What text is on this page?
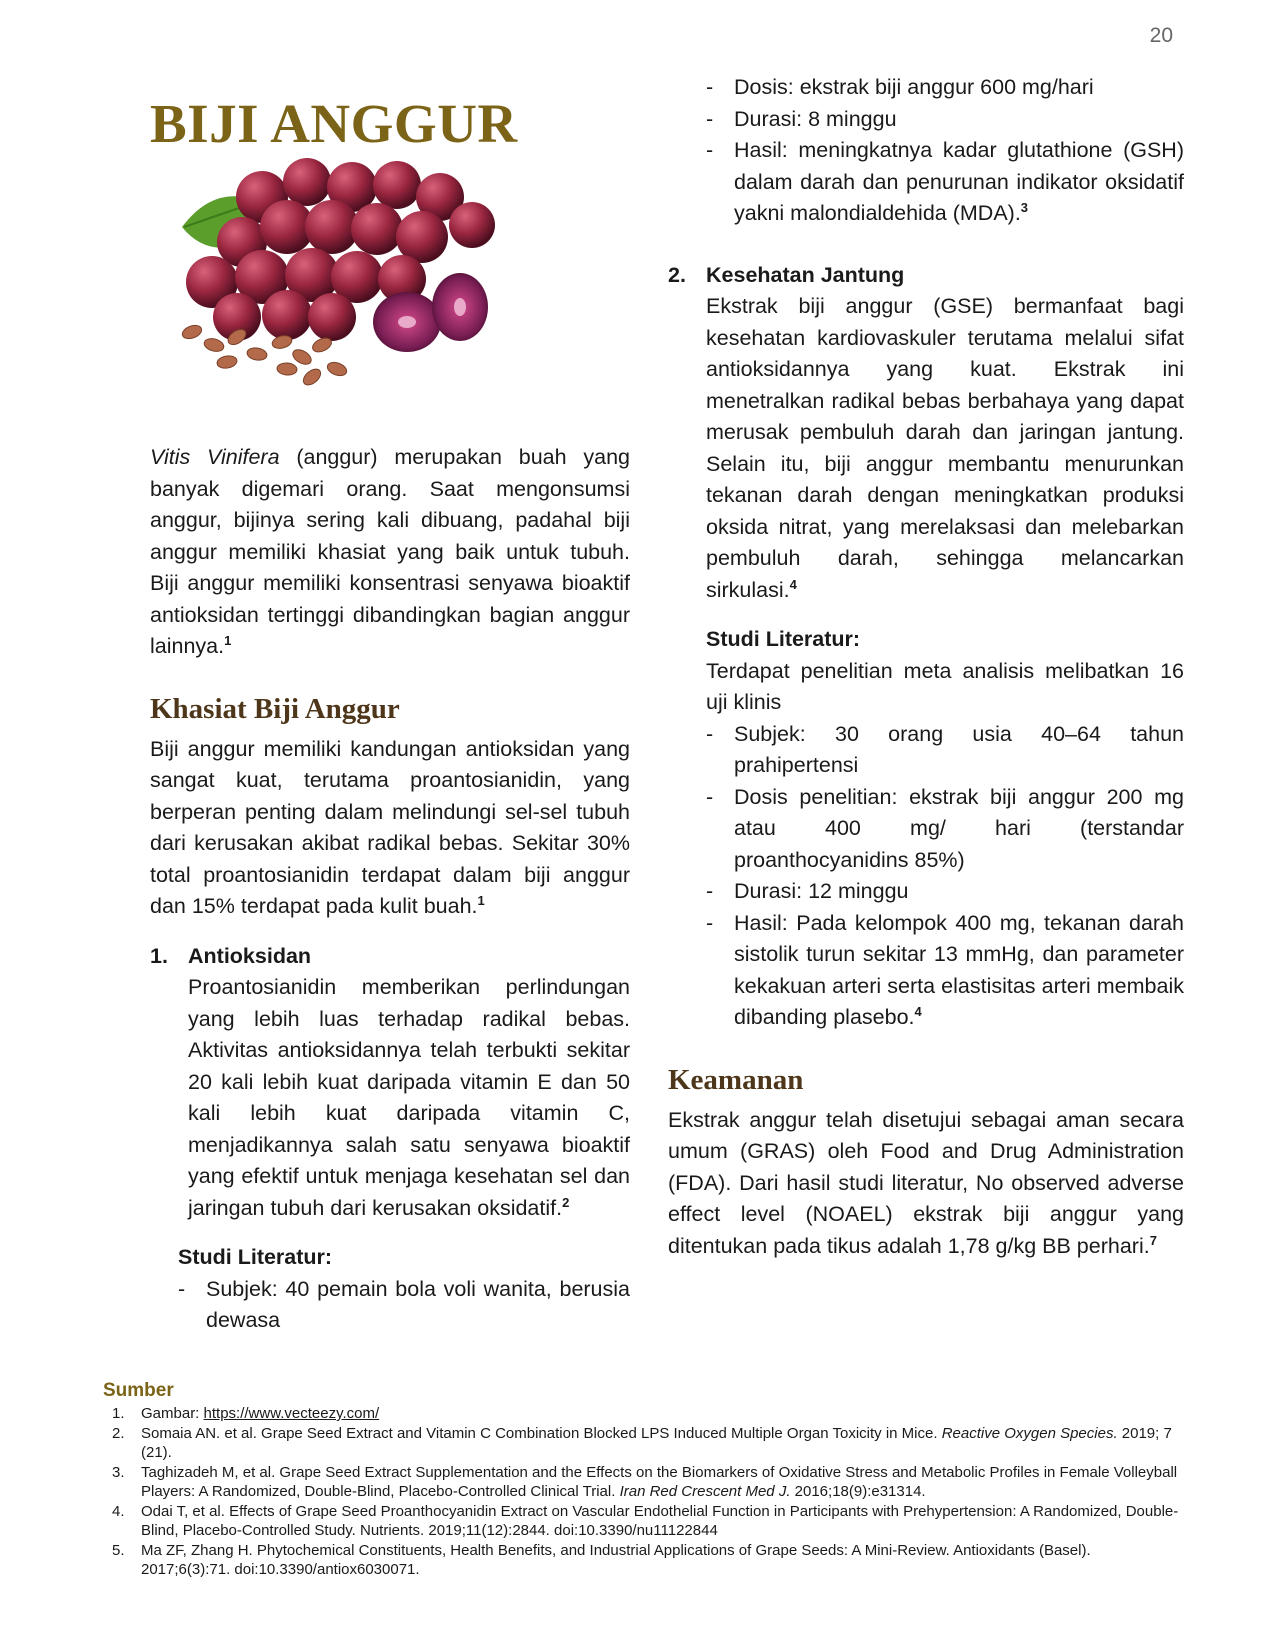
20
BIJI ANGGUR

Vitis Vinifera (anggur) merupakan buah yang banyak digemari orang. Saat mengonsumsi anggur, bijinya sering kali dibuang, padahal biji anggur memiliki khasiat yang baik untuk tubuh. Biji anggur memiliki konsentrasi senyawa bioaktif antioksidan tertinggi dibandingkan bagian anggur lainnya.$^1$

Khasiat Biji Anggur

Biji anggur memiliki kandungan antioksidan yang sangat kuat, terutama proantosianidin, yang berperan penting dalam melindungi sel-sel tubuh dari kerusakan akibat radikal bebas. Sekitar 30% total proantosianidin terdapat dalam biji anggur dan 15% terdapat pada kulit buah.$^1$

1. Antioksidan

Proantosianidin memberikan perlindungan yang lebih luas terhadap radikal bebas. Aktivitas antioksidannya telah terbukti sekitar 20 kali lebih kuat daripada vitamin E dan 50 kali lebih kuat daripada vitamin C, menjadikannya salah satu senyawa bioaktif yang efektif untuk menjaga kesehatan sel dan jaringan tubuh dari kerusakan oksidatif.$^2$

Studi Literatur:
- Subjek: 40 pemain bola voli wanita, berusia dewasa
- Dosis: ekstrak biji anggur 600 mg/hari
- Durasi: 8 minggu
- Hasil: meningkatnya kadar glutathione (GSH) dalam darah dan penurunan indikator oksidatif yakni malondialdehida (MDA).$^3$
2. Kesehatan Jantung

Ekstrak biji anggur (GSE) bermanfaat bagi kesehatan kardiovaskuler terutama melalui sifat antioksidannya yang kuat. Ekstrak ini menetralkan radikal bebas berbahaya yang dapat merusak pembuluh darah dan jaringan jantung. Selain itu, biji anggur membantu menurunkan tekanan darah dengan meningkatkan produksi oksida nitrat, yang merelaksasi dan melebarkan pembuluh darah, sehingga melancarkan sirkulasi.$^4$

Studi Literatur:

Terdapat penelitian meta analisis melibatkan 16 uji klinis

- Subjek: 30 orang usia 40–64 tahun prahipertensi
- Dosis penelitian: ekstrak biji anggur 200 mg atau 400 mg/ hari (terstandar proanthocyanidins 85%)
- Durasi: 12 minggu
- Hasil: Pada kelompok 400 mg, tekanan darah sistolik turun sekitar 13 mmHg, dan parameter kekakuan arteri serta elastisitas arteri membaik dibanding plasebo.$^4$
Keamanan

Ekstrak anggur telah disetujui sebagai aman secara umum (GRAS) oleh Food and Drug Administration (FDA). Dari hasil studi literatur, No observed adverse effect level (NOAEL) ekstrak biji anggur yang ditentukan pada tikus adalah 1,78 g/kg BB perhari.$^7$

Sumber
1. Gambar: https://www.vecteezy.com/
2. Somaia AN. et al. Grape Seed Extract and Vitamin C Combination Blocked LPS Induced Multiple Organ Toxicity in Mice. Reactive Oxygen Species. 2019; 7 (21).
3. Taghizadeh M, et al. Grape Seed Extract Supplementation and the Effects on the Biomarkers of Oxidative Stress and Metabolic Profiles in Female Volleyball Players: A Randomized, Double-Blind, Placebo-Controlled Clinical Trial. Iran Red Crescent Med J. 2016;18(9):e31314.
4. Odai T, et al. Effects of Grape Seed Proanthocyanidin Extract on Vascular Endothelial Function in Participants with Prehypertension: A Randomized, Double-Blind, Placebo-Controlled Study. Nutrients. 2019;11(12):2844. doi:10.3390/nu11122844
5. Ma ZF, Zhang H. Phytochemical Constituents, Health Benefits, and Industrial Applications of Grape Seeds: A Mini-Review. Antioxidants (Basel). 2017;6(3):71. doi:10.3390/antiox6030071.
